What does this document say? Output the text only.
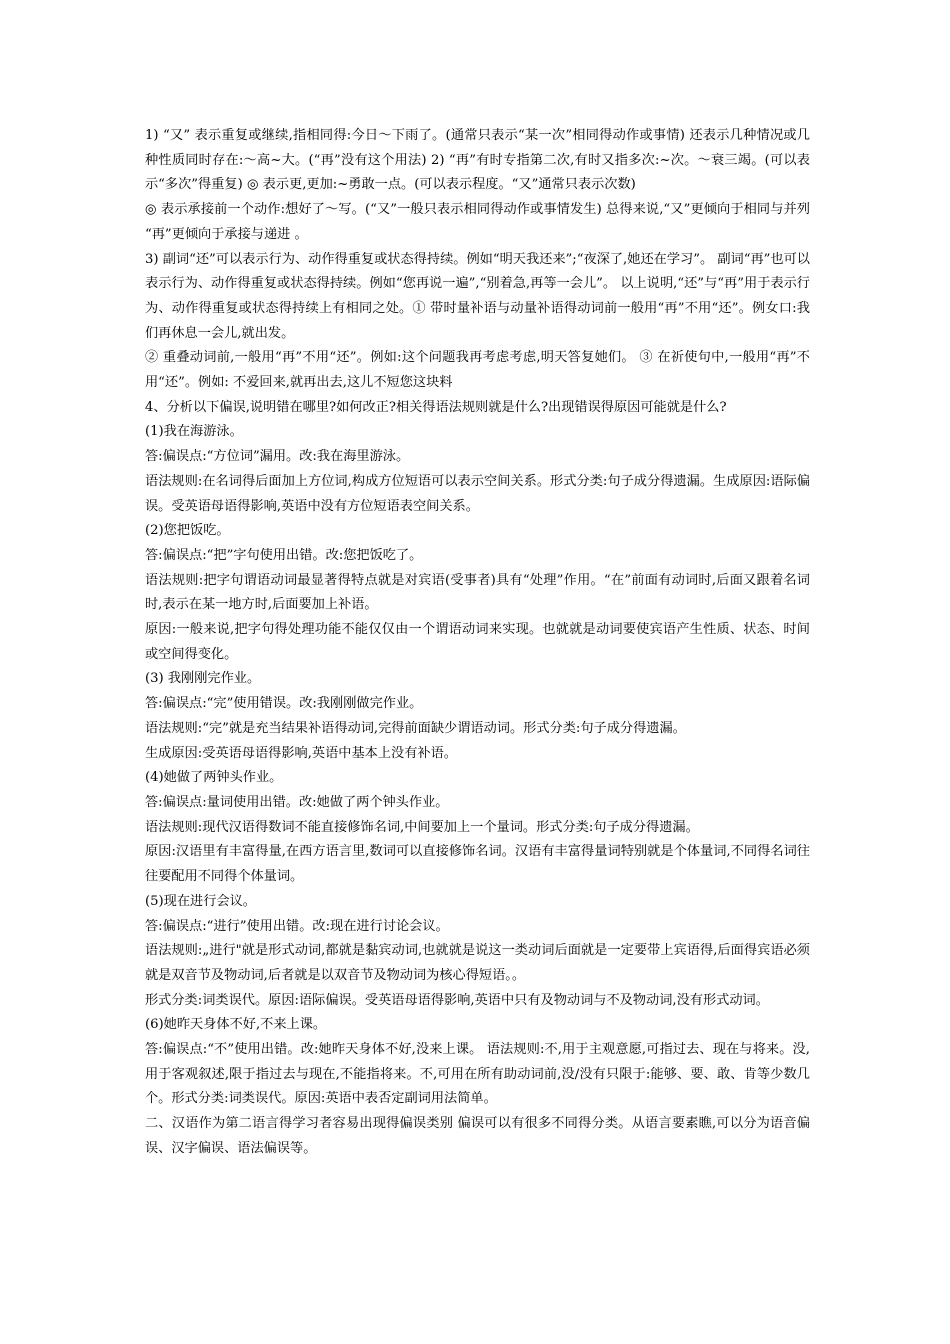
1) “又” 表示重复或继续,指相同得:今日～下雨了。(通常只表示“某一次”相同得动作或事情) 还表示几种情况或几种性质同时存在:～高~大。(“再”没有这个用法) 2) “再”有时专指第二次,有时又指多次:~次。～衰三竭。(可以表示“多次”得重复) ◎ 表示更,更加:~勇敢一点。(可以表示程度。“又”通常只表示次数)

◎ 表示承接前一个动作:想好了～写。(“又”一般只表示相同得动作或事情发生) 总得来说,“又”更倾向于相同与并列 “再”更倾向于承接与递进 。

3) 副词“还”可以表示行为、动作得重复或状态得持续。例如“明天我还来”;“夜深了,她还在学习”。 副词“再”也可以表示行为、动作得重复或状态得持续。例如“您再说一遍”,“别着急,再等一会儿”。 以上说明,“还”与“再”用于表示行为、动作得重复或状态得持续上有相同之处。① 带时量补语与动量补语得动词前一般用“再”不用“还”。例女口:我们再休息一会儿,就出发。

② 重叠动词前,一般用“再”不用“还”。例如:这个问题我再考虑考虑,明天答复她们。 ③ 在祈使句中,一般用“再”不用“还”。例如: 不爱回来,就再出去,这儿不短您这块料

4、分析以下偏误,说明错在哪里?如何改正?相关得语法规则就是什么?出现错误得原因可能就是什么?

(1)我在海游泳。

答:偏误点:“方位词”漏用。改:我在海里游泳。

语法规则:在名词得后面加上方位词,构成方位短语可以表示空间关系。形式分类:句子成分得遗漏。生成原因:语际偏误。受英语母语得影响,英语中没有方位短语表空间关系。

(2)您把饭吃。

答:偏误点:“把”字句使用出错。改:您把饭吃了。

语法规则:把字句谓语动词最显著得特点就是对宾语(受事者)具有“处理”作用。“在”前面有动词时,后面又跟着名词时,表示在某一地方时,后面要加上补语。

原因:一般来说,把字句得处理功能不能仅仅由一个谓语动词来实现。也就就是动词要使宾语产生性质、状态、时间或空间得变化。

(3) 我刚刚完作业。

答:偏误点:“完”使用错误。改:我刚刚做完作业。

语法规则:“完”就是充当结果补语得动词,完得前面缺少谓语动词。形式分类:句子成分得遗漏。

生成原因:受英语母语得影响,英语中基本上没有补语。

(4)她做了两钟头作业。

答:偏误点:量词使用出错。改:她做了两个钟头作业。

语法规则:现代汉语得数词不能直接修饰名词,中间要加上一个量词。形式分类:句子成分得遗漏。

原因:汉语里有丰富得量,在西方语言里,数词可以直接修饰名词。汉语有丰富得量词特别就是个体量词,不同得名词往往要配用不同得个体量词。

(5)现在进行会议。

答:偏误点:“进行”使用出错。改:现在进行讨论会议。

语法规则:„进行"就是形式动词,都就是黏宾动词,也就就是说这一类动词后面就是一定要带上宾语得,后面得宾语必须就是双音节及物动词,后者就是以双音节及物动词为核心得短语。。

形式分类:词类误代。原因:语际偏误。受英语母语得影响,英语中只有及物动词与不及物动词,没有形式动词。

(6)她昨天身体不好,不来上课。

答:偏误点:“不”使用出错。改:她昨天身体不好,没来上课。 语法规则:不,用于主观意愿,可指过去、现在与将来。没,用于客观叙述,限于指过去与现在,不能指将来。不,可用在所有助动词前,没/没有只限于:能够、要、敢、肯等少数几个。形式分类:词类误代。原因:英语中表否定副词用法简单。

二、汉语作为第二语言得学习者容易出现得偏误类别 偏误可以有很多不同得分类。从语言要素瞧,可以分为语音偏误、汉字偏误、语法偏误等。
